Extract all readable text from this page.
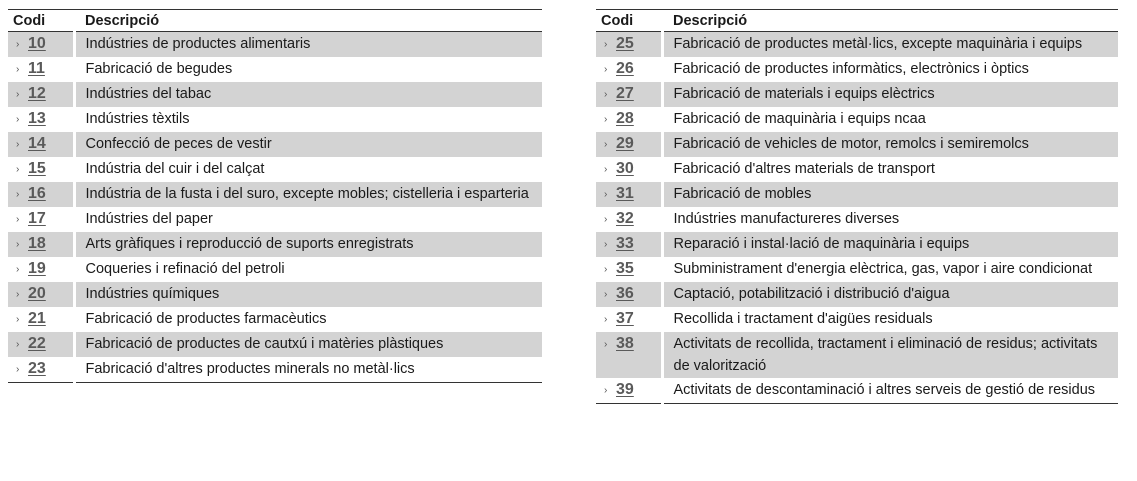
Codi	Descripció
› 10	Indústries de productes alimentaris
› 11	Fabricació de begudes
› 12	Indústries del tabac
› 13	Indústries tèxtils
› 14	Confecció de peces de vestir
› 15	Indústria del cuir i del calçat
› 16	Indústria de la fusta i del suro, excepte mobles; cistelleria i esparteria
› 17	Indústries del paper
› 18	Arts gràfiques i reproducció de suports enregistrats
› 19	Coqueries i refinació del petroli
› 20	Indústries químiques
› 21	Fabricació de productes farmacèutics
› 22	Fabricació de productes de cautxú i matèries plàstiques
› 23	Fabricació d'altres productes minerals no metàl·lics
Codi	Descripció
› 25	Fabricació de productes metàl·lics, excepte maquinària i equips
› 26	Fabricació de productes informàtics, electrònics i òptics
› 27	Fabricació de materials i equips elèctrics
› 28	Fabricació de maquinària i equips ncaa
› 29	Fabricació de vehicles de motor, remolcs i semiremolcs
› 30	Fabricació d'altres materials de transport
› 31	Fabricació de mobles
› 32	Indústries manufactureres diverses
› 33	Reparació i instal·lació de maquinària i equips
› 35	Subministrament d'energia elèctrica, gas, vapor i aire condicionat
› 36	Captació, potabilització i distribució d'aigua
› 37	Recollida i tractament d'aigües residuals
› 38	Activitats de recollida, tractament i eliminació de residus; activitats de valorització
› 39	Activitats de descontaminació i altres serveis de gestió de residus
